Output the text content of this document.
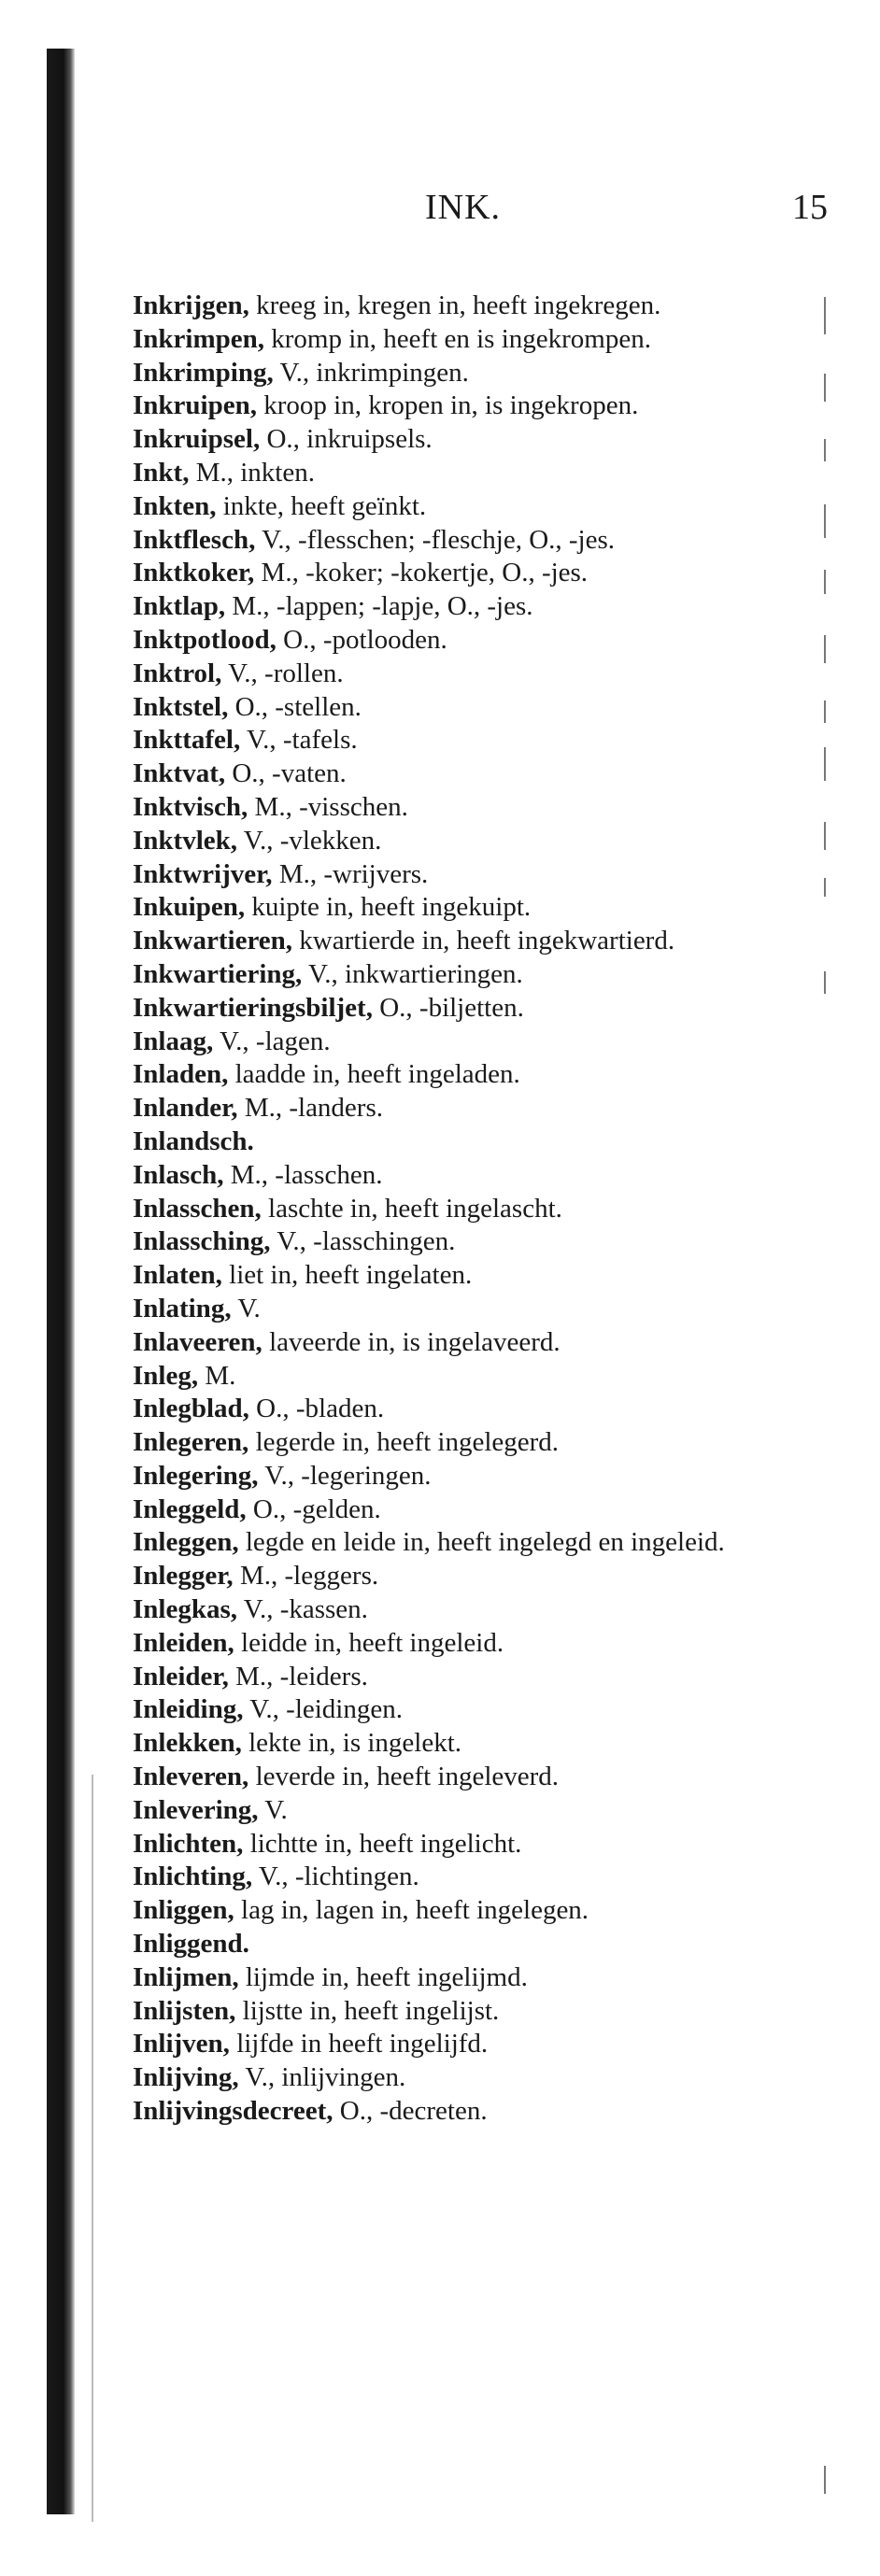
INK.	15
Inkrijgen, kreeg in, kregen in, heeft ingekregen.
Inkrimpen, kromp in, heeft en is ingekrompen.
Inkrimping, V., inkrimpingen.
Inkruipen, kroop in, kropen in, is ingekropen.
Inkruipsel, O., inkruipsels.
Inkt, M., inkten.
Inkten, inkte, heeft geïnkt.
Inktflesch, V., -flesschen; -fleschje, O., -jes.
Inktkoker, M., -koker; -kokertje, O., -jes.
Inktlap, M., -lappen; -lapje, O., -jes.
Inktpotlood, O., -potlooden.
Inktrol, V., -rollen.
Inktstel, O., -stellen.
Inkttafel, V., -tafels.
Inktvat, O., -vaten.
Inktvisch, M., -visschen.
Inktvlek, V., -vlekken.
Inktwrijver, M., -wrijvers.
Inkuipen, kuipte in, heeft ingekuipt.
Inkwartieren, kwartierde in, heeft ingekwartierd.
Inkwartiering, V., inkwartieringen.
Inkwartieringsbiljet, O., -biljetten.
Inlaag, V., -lagen.
Inladen, laadde in, heeft ingeladen.
Inlander, M., -landers.
Inlandsch.
Inlasch, M., -lasschen.
Inlasschen, laschte in, heeft ingelascht.
Inlassching, V., -lasschingen.
Inlaten, liet in, heeft ingelaten.
Inlating, V.
Inlaveeren, laveerde in, is ingelaveerd.
Inleg, M.
Inlegblad, O., -bladen.
Inlegeren, legerde in, heeft ingelegerd.
Inlegering, V., -legeringen.
Inleggeld, O., -gelden.
Inleggen, legde en leide in, heeft ingelegd en ingeleid.
Inlegger, M., -leggers.
Inlegkas, V., -kassen.
Inleiden, leidde in, heeft ingeleid.
Inleider, M., -leiders.
Inleiding, V., -leidingen.
Inlekken, lekte in, is ingelekt.
Inleveren, leverde in, heeft ingeleverd.
Inlevering, V.
Inlichten, lichtte in, heeft ingelicht.
Inlichting, V., -lichtingen.
Inliggen, lag in, lagen in, heeft ingelegen.
Inliggend.
Inlijmen, lijmde in, heeft ingelijmd.
Inlijsten, lijstte in, heeft ingelijst.
Inlijven, lijfde in heeft ingelijfd.
Inlijving, V., inlijvingen.
Inlijvingsdecreet, O., -decreten.
